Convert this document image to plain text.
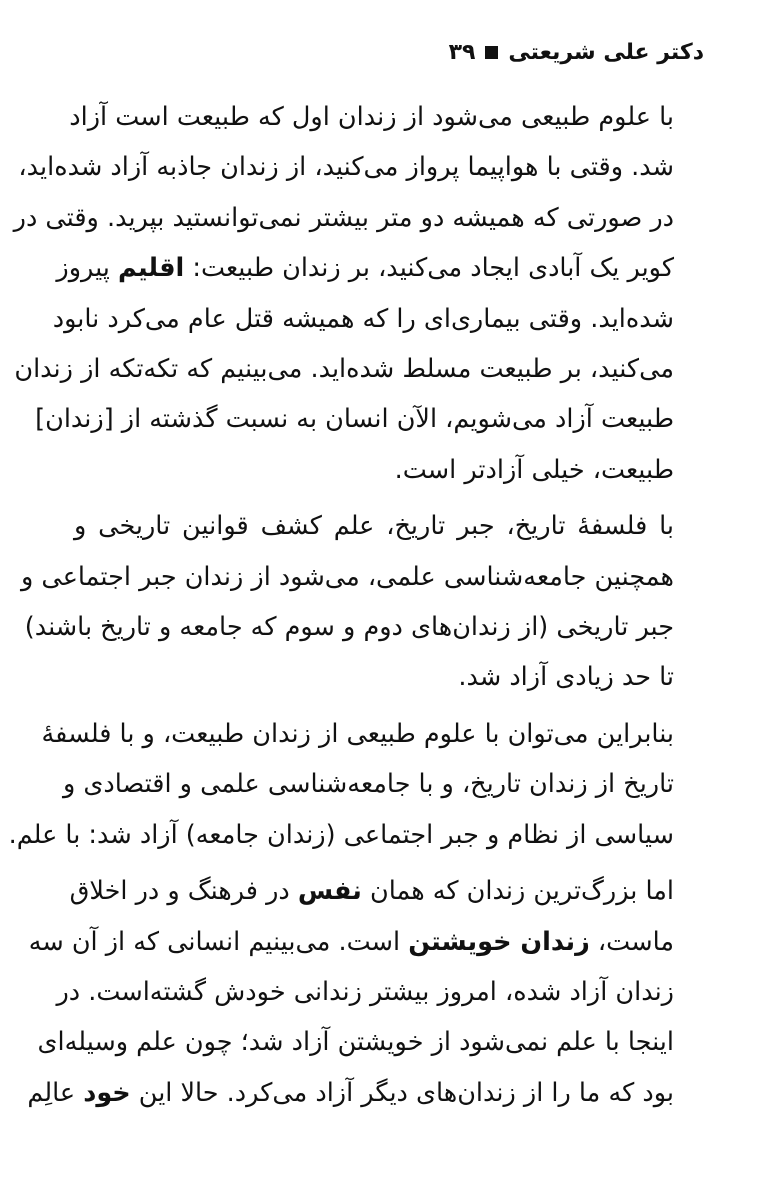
دکتر علی شریعتی
۳۹

با علوم طبیعی می‌شود از زندان اول که طبیعت است آزاد
شد. وقتی با هواپیما پرواز می‌کنید، از زندان جاذبه آزاد شده‌اید،
در صورتی که همیشه دو متر بیشتر نمی‌توانستید بپرید. وقتی در
کویر یک آبادی ایجاد می‌کنید، بر زندان طبیعت: اقلیم پیروز
شده‌اید. وقتی بیماری‌ای را که همیشه قتل عام می‌کرد نابود
می‌کنید، بر طبیعت مسلط شده‌اید. می‌بینیم که تکه‌تکه از زندان
طبیعت آزاد می‌شویم، الآن انسان به نسبت گذشته از [زندان]
طبیعت، خیلی آزادتر است.

با فلسفهٔ تاریخ، جبر تاریخ، علم کشف قوانین تاریخی و
همچنین جامعه‌شناسی علمی، می‌شود از زندان جبر اجتماعی و
جبر تاریخی (از زندان‌های دوم و سوم که جامعه و تاریخ باشند)
تا حد زیادی آزاد شد.

بنابراین می‌توان با علوم طبیعی از زندان طبیعت، و با فلسفهٔ
تاریخ از زندان تاریخ، و با جامعه‌شناسی علمی و اقتصادی و
سیاسی از نظام و جبر اجتماعی (زندان جامعه) آزاد شد: با علم.

اما بزرگ‌ترین زندان که همان نفس در فرهنگ و در اخلاق
ماست، زندان خویشتن است. می‌بینیم انسانی که از آن سه
زندان آزاد شده، امروز بیشتر زندانی خودش گشته‌است. در
اینجا با علم نمی‌شود از خویشتن آزاد شد؛ چون علم وسیله‌ای
بود که ما را از زندان‌های دیگر آزاد می‌کرد. حالا این خود عالِم
